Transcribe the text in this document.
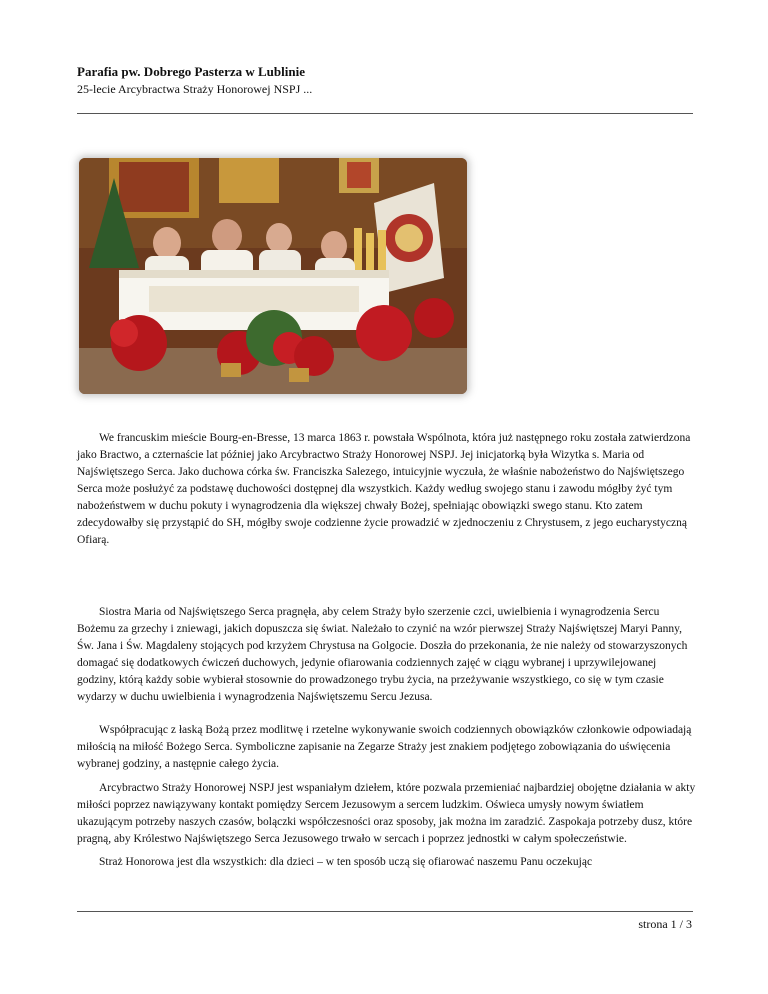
Parafia pw. Dobrego Pasterza w Lublinie
25-lecie Arcybractwa Straży Honorowej NSPJ ...

We francuskim mieście Bourg-en-Bresse, 13 marca 1863 r. powstała Wspólnota, która już następnego roku została zatwierdzona jako Bractwo, a czternaście lat później jako Arcybractwo Straży Honorowej NSPJ. Jej inicjatorką była Wizytka s. Maria od Najświętszego Serca. Jako duchowa córka św. Franciszka Salezego, intuicyjnie wyczuła, że właśnie nabożeństwo do Najświętszego Serca może posłużyć za podstawę duchowości dostępnej dla wszystkich. Każdy według swojego stanu i zawodu mógłby żyć tym nabożeństwem w duchu pokuty i wynagrodzenia dla większej chwały Bożej, spełniając obowiązki swego stanu. Kto zatem zdecydowałby się przystąpić do SH, mógłby swoje codzienne życie prowadzić w zjednoczeniu z Chrystusem, z jego eucharystyczną Ofiarą.

Siostra Maria od Najświętszego Serca pragnęła, aby celem Straży było szerzenie czci, uwielbienia i wynagrodzenia Sercu Bożemu za grzechy i zniewagi, jakich dopuszcza się świat. Należało to czynić na wzór pierwszej Straży Najświętszej Maryi Panny, Św. Jana i Św. Magdaleny stojących pod krzyżem Chrystusa na Golgocie. Doszła do przekonania, że nie należy od stowarzyszonych domagać się dodatkowych ćwiczeń duchowych, jedynie ofiarowania codziennych zajęć w ciągu wybranej i uprzywilejowanej godziny, którą każdy sobie wybierał stosownie do prowadzonego trybu życia, na przeżywanie wszystkiego, co się w tym czasie wydarzy w duchu uwielbienia i wynagrodzenia Najświętszemu Sercu Jezusa.

Współpracując z łaską Bożą przez modlitwę i rzetelne wykonywanie swoich codziennych obowiązków członkowie odpowiadają miłością na miłość Bożego Serca. Symboliczne zapisanie na Zegarze Straży jest znakiem podjętego zobowiązania do uświęcenia wybranej godziny, a następnie całego życia.

Arcybractwo Straży Honorowej NSPJ jest wspaniałym dziełem, które pozwala przemieniać najbardziej obojętne działania w akty miłości poprzez nawiązywany kontakt pomiędzy Sercem Jezusowym a sercem ludzkim. Oświeca umysły nowym światłem ukazującym potrzeby naszych czasów, bolączki współczesności oraz sposoby, jak można im zaradzić. Zaspokaja potrzeby dusz, które pragną, aby Królestwo Najświętszego Serca Jezusowego trwało w sercach i poprzez jednostki w całym społeczeństwie.

Straż Honorowa jest dla wszystkich: dla dzieci – w ten sposób uczą się ofiarować naszemu Panu oczekując

strona 1 / 3
